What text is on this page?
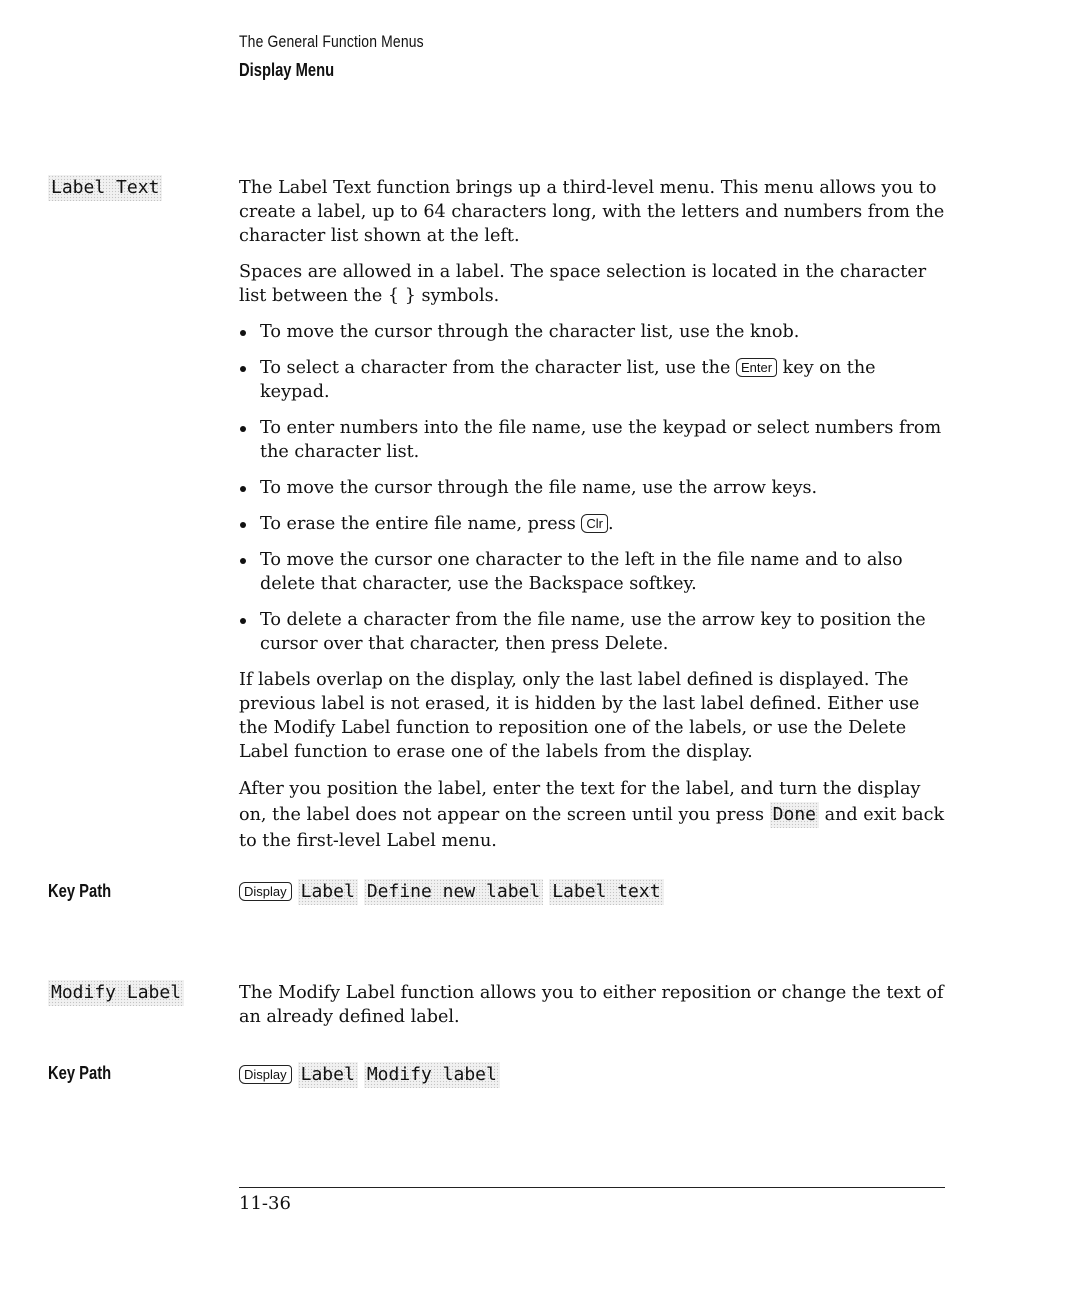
The General Function Menus
Display Menu
Label Text	The Label Text function brings up a third-level menu. This menu allows you to create a label, up to 64 characters long, with the letters and numbers from the character list shown at the left.

Spaces are allowed in a label. The space selection is located in the character list between the { } symbols.

To move the cursor through the character list, use the knob.
To select a character from the character list, use the Enter key on the keypad.
To enter numbers into the file name, use the keypad or select numbers from the character list.
To move the cursor through the file name, use the arrow keys.
To erase the entire file name, press Clr .
To move the cursor one character to the left in the file name and to also delete that character, use the Backspace softkey.
To delete a character from the file name, use the arrow key to position the cursor over that character, then press Delete.

If labels overlap on the display, only the last label defined is displayed. The previous label is not erased, it is hidden by the last label defined. Either use the Modify Label function to reposition one of the labels, or use the Delete Label function to erase one of the labels from the display.

After you position the label, enter the text for the label, and turn the display on, the label does not appear on the screen until you press Done and exit back to the first-level Label menu.

Key Path	Display Label Define new label Label text
Modify Label	The Modify Label function allows you to either reposition or change the text of an already defined label.

Key Path	Display Label Modify label
11-36
